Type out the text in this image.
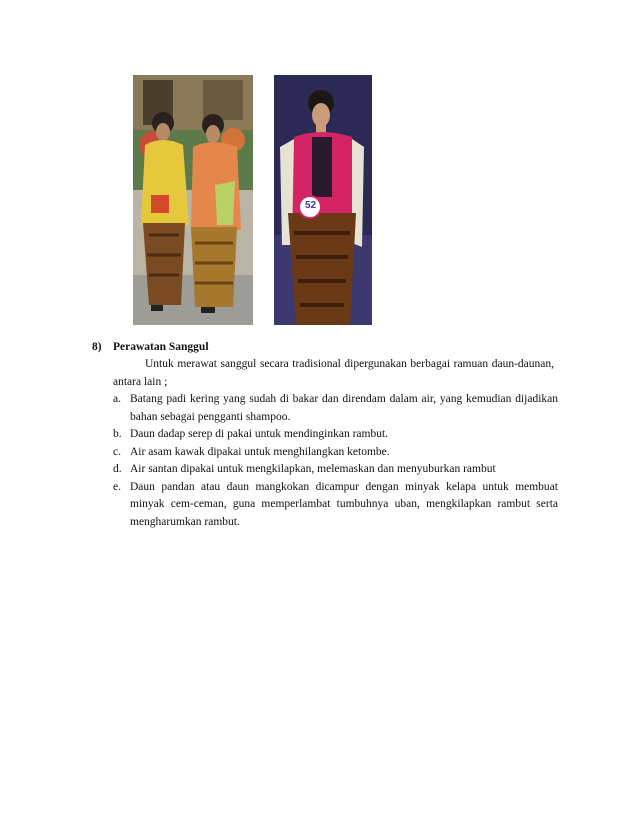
52
8) Perawatan Sanggul
Untuk merawat sanggul secara tradisional dipergunakan berbagai ramuan daun-daunan, antara lain ;
a. Batang padi kering yang sudah di bakar dan direndam dalam air, yang kemudian dijadikan bahan sebagai pengganti shampoo.
b. Daun dadap serep di pakai untuk mendinginkan rambut.
c. Air asam kawak dipakai untuk menghilangkan ketombe.
d. Air santan dipakai untuk mengkilapkan, melemaskan dan menyuburkan rambut
e. Daun pandan atau daun mangkokan dicampur dengan minyak kelapa untuk membuat minyak cem-ceman, guna memperlambat tumbuhnya uban, mengkilapkan rambut serta mengharumkan rambut.
